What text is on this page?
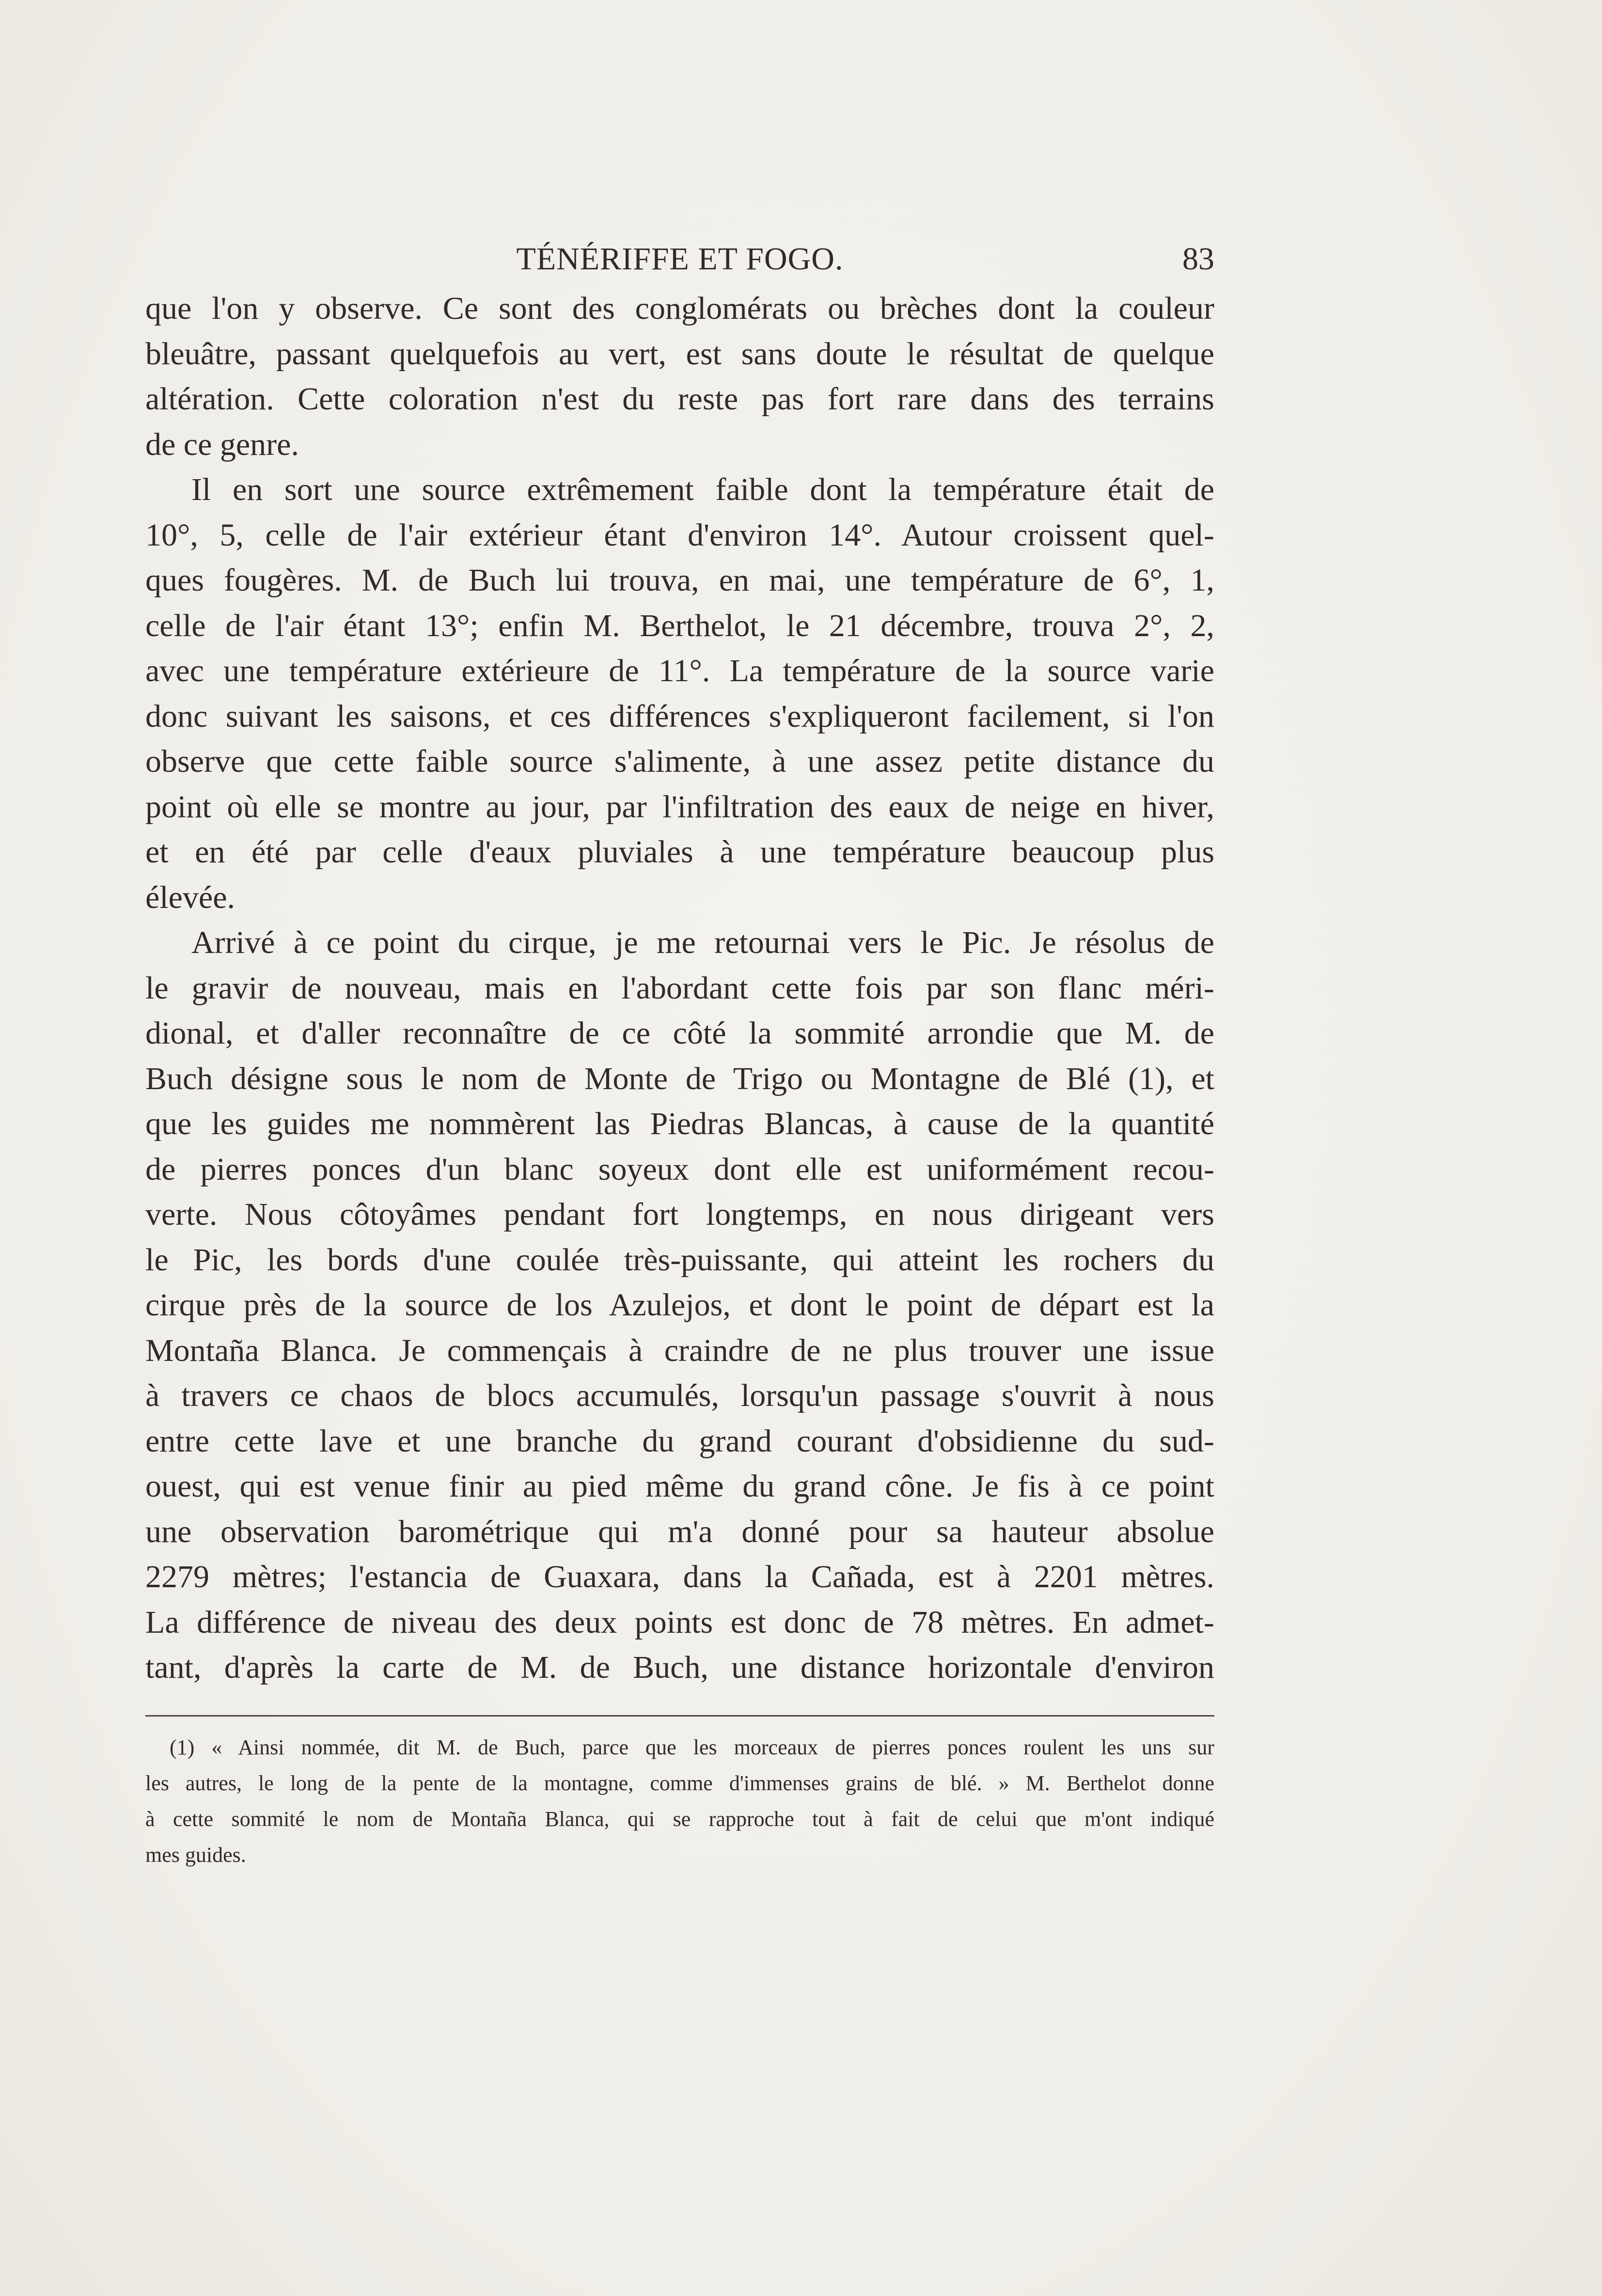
TÉNÉRIFFE ET FOGO.	83
que l'on y observe. Ce sont des conglomérats ou brèches dont la couleur
bleuâtre, passant quelquefois au vert, est sans doute le résultat de quelque
altération. Cette coloration n'est du reste pas fort rare dans des terrains
de ce genre.
Il en sort une source extrêmement faible dont la température était de
10°, 5, celle de l'air extérieur étant d'environ 14°. Autour croissent quel-
ques fougères. M. de Buch lui trouva, en mai, une température de 6°, 1,
celle de l'air étant 13°; enfin M. Berthelot, le 21 décembre, trouva 2°, 2,
avec une température extérieure de 11°. La température de la source varie
donc suivant les saisons, et ces différences s'expliqueront facilement, si l'on
observe que cette faible source s'alimente, à une assez petite distance du
point où elle se montre au jour, par l'infiltration des eaux de neige en hiver,
et en été par celle d'eaux pluviales à une température beaucoup plus
élevée.
Arrivé à ce point du cirque, je me retournai vers le Pic. Je résolus de
le gravir de nouveau, mais en l'abordant cette fois par son flanc méri-
dional, et d'aller reconnaître de ce côté la sommité arrondie que M. de
Buch désigne sous le nom de Monte de Trigo ou Montagne de Blé (1), et
que les guides me nommèrent las Piedras Blancas, à cause de la quantité
de pierres ponces d'un blanc soyeux dont elle est uniformément recou-
verte. Nous côtoyâmes pendant fort longtemps, en nous dirigeant vers
le Pic, les bords d'une coulée très-puissante, qui atteint les rochers du
cirque près de la source de los Azulejos, et dont le point de départ est la
Montaña Blanca. Je commençais à craindre de ne plus trouver une issue
à travers ce chaos de blocs accumulés, lorsqu'un passage s'ouvrit à nous
entre cette lave et une branche du grand courant d'obsidienne du sud-
ouest, qui est venue finir au pied même du grand cône. Je fis à ce point
une observation barométrique qui m'a donné pour sa hauteur absolue
2279 mètres; l'estancia de Guaxara, dans la Cañada, est à 2201 mètres.
La différence de niveau des deux points est donc de 78 mètres. En admet-
tant, d'après la carte de M. de Buch, une distance horizontale d'environ
(1) « Ainsi nommée, dit M. de Buch, parce que les morceaux de pierres ponces roulent les uns sur
les autres, le long de la pente de la montagne, comme d'immenses grains de blé. » M. Berthelot donne
à cette sommité le nom de Montaña Blanca, qui se rapproche tout à fait de celui que m'ont indiqué
mes guides.
